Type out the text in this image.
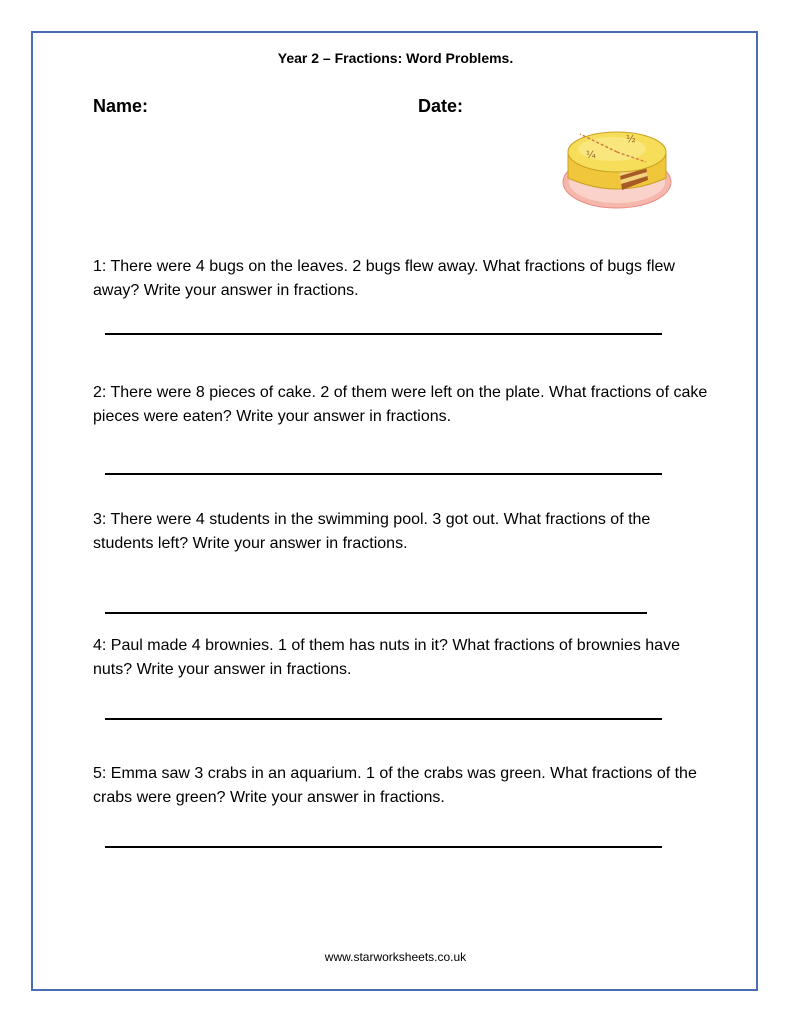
Year 2 – Fractions: Word Problems.
Name:	Date:
¼
½
1: There were 4 bugs on the leaves. 2 bugs flew away. What fractions of bugs flew away? Write your answer in fractions.
2: There were 8 pieces of cake. 2 of them were left on the plate. What fractions of cake pieces were eaten? Write your answer in fractions.
3: There were 4 students in the swimming pool. 3 got out. What fractions of the students left? Write your answer in fractions.
4: Paul made 4 brownies. 1 of them has nuts in it? What fractions of brownies have nuts? Write your answer in fractions.
5: Emma saw 3 crabs in an aquarium. 1 of the crabs was green. What fractions of the crabs were green? Write your answer in fractions.
www.starworksheets.co.uk
